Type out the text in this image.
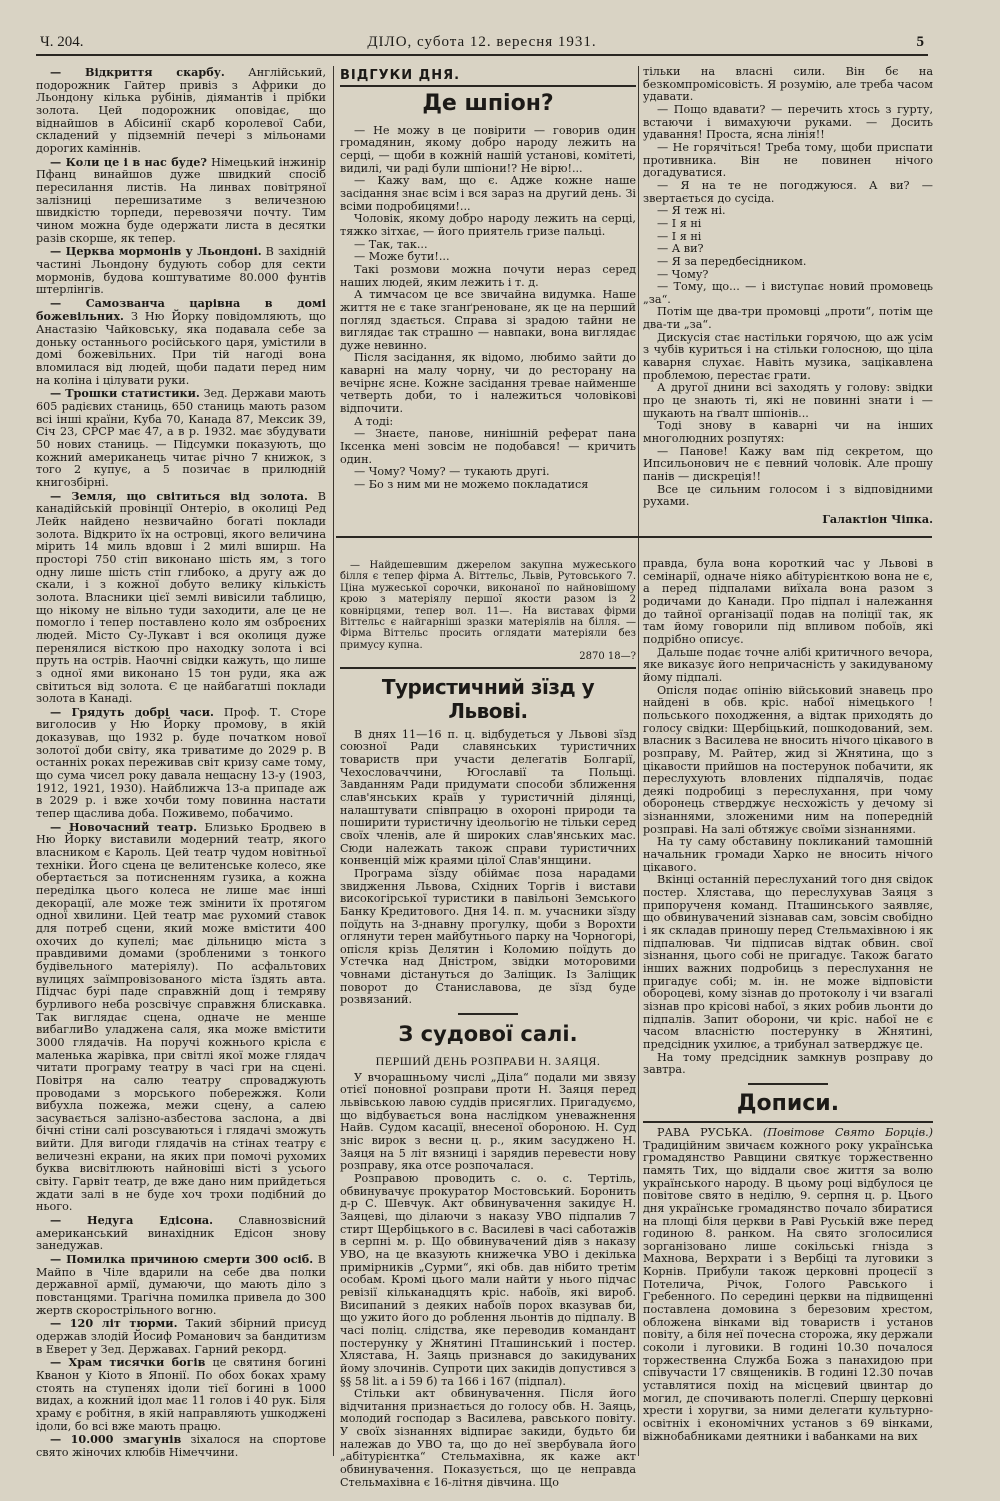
Ч. 204.	ДІЛО, субота 12. вересня 1931.	5

— Відкриття скарбу. Англійський, подорожник Гайтер привіз з Африки до Льондону кількa рубінів, діямантів і прібки золота. Цей подорожник оповідає, що віднайшов в Абісинії скарб королевої Саби, складений у підземній печері з мільонами дорогих каміннів.

— Коли це і в нас буде? Німецький інжинір Пфанц винайшов дуже швидкий спосіб пересилання листів. На линвах повітряної залізниці перешизатиме з величезною швидкістю торпеди, перевозячи почту. Тим чином можна буде одержати листа в десятки разів скорше, як тепер.

— Церква мормонів у Льондоні. В західній частині Льондону будують собор для секти мормонів, будова коштуватиме 80.000 фунтів штерлінгів.

— Самозванча царівна в домі божевільних. З Ню Йорку повідомляють, що Анастазію Чайковську, яка подавала себе за доньку останнього російського царя, умістили в домі божевільних. При тій нагоді вона вломилася від людей, щоби падати перед ним на коліна і цілувати руки.

— Трошки статистики. Зед. Держави мають 605 радієвих станиць, 650 станиць мають разом всі інші країни, Куба 70, Канада 87, Мексик 39, Січ 23, СРСР має 47, а в р. 1932. має збудувати 50 нових станиць. — Підсумки показують, що кожний американець читає річно 7 книжок, з того 2 купує, а 5 позичає в прилюдній книгозбірні.

— Земля, що світиться від золота. В канадійській провінції Онтеріо, в околиці Ред Лейк найдено незвичайно богаті поклади золота. Відкрито їх на островці, якого величина мірить 14 миль вдовш і 2 милі вширш. На просторі 750 стіп виконано шість ям, з того одну лише шість стіп глибоко, а другу аж до скали, і з кожної добуто велику кількість золота. Власники цієї землі вивісили таблицю, що нікому не вільно туди заходити, але це не помогло і тепер поставлено коло ям озброєних людей. Місто Су-Лукавт і вся околиця дуже перенялися вісткою про находку золота і всі пруть на острів. Наочні свідки кажуть, що лише з одної ями виконано 15 тон руди, яка аж світиться від золота. Є це найбагатші поклади золота в Канаді.

— Грядуть добрі часи. Проф. Т. Сторе виголосив у Ню Йорку промову, в якій доказував, що 1932 р. буде початком нової золотої доби світу, яка триватиме до 2029 р. В останніх роках переживав світ кризу саме тому, що сума чисел року давала нещасну 13-у (1903, 1912, 1921, 1930). Найближча 13-а припаде аж в 2029 р. і вже хочби тому повинна настати тепер щаслива доба. Поживемо, побачимо.

— Новочасний театр. Близько Бродвею в Ню Йорку виставили модерний театр, якого власником є Кароль. Цей театр чудом новітньої техніки. Його сцена це велитенське колесо, яке обертається за потисненням гузика, а кожна переділка цього колеса не лише має інші декорації, але може теж змінити їх протягом одної хвилини. Цей театр має рухомий ставок для потреб сцени, який може вмістити 400 охочих до купелі; має дільницю міста з правдивими домами (зробленими з тонкого будівельного матеріялу). По асфальтових вулицях заїмпровізованого міста їздять авта. Підчас бурі паде справжній дощ і темряву бурливого неба розсвічує справжня блискавка. Так виглядає сцена, одначе не менше вибаглиBo уладжена саля, яка може вмістити 3000 глядачів. На поручі кожнього крісла є маленька жарівка, при світлі якої може глядач читати програму театру в часі гри на сцені. Повітря на салю театру спроваджують проводами з морського побережжя. Коли вибухла пожежа, межи сцену, а салею засувається залізно-азбестова заслона, а дві бічні стіни салі розсуваються і глядачі зможуть вийти. Для вигоди глядачів на стінах театру є величезні екрани, на яких при помочі рухомих буква висвітлюють найновіші вісті з усього світу. Гарвіт театр, де вже дано ним прийдеться ждати залі в не буде хоч трохи подібний до нього.

— Недуга Едісона. Славнозвісний американський винахідник Едісон знову занедужав.

— Помилка причиною смерти 300 осіб. В Майпо в Чіле вдарили на себе два полки державної армії, думаючи, що мають діло з повстанцями. Трагічна помилка привела до 300 жертв скорострільного вогню.

— 120 літ тюрми. Такий збірний присуд одержав злодій Йосиф Романович за бандитизм в Еверет у Зед. Державах. Гарний рекорд.

— Храм тисячки богів це святиня богині Кванон у Кіото в Японії. По обох боках храму стоять на ступенях ідоли тієї богині в 1000 видах, а кожний ідол має 11 голов і 40 рук. Біля храму є робітня, в якій направляють ушкоджені ідоли, бо всі вже мають працю.

— 10.000 змагунів зіхалося на спортове свято жіночих клюбів Німеччини.

ВІДГУКИ ДНЯ.
Де шпіон?

— Не можу в це повірити — говорив один громадянин, якому добро народу лежить на серці, — щоби в кожній нашій установі, комітеті, видилі, чи раді були шпіони!? Не вірю!...

— Кажу вам, що є. Адже кожне наше засідання знає всім і вся зараз на другий день. Зі всіми подробицями!...

Чоловік, якому добро народу лежить на серці, тяжко зітхає, — його приятель гризе пальці.

— Так, так...

— Може бути!...

Такі розмови можна почути нераз серед наших людей, яким лежить і т. д.

А тимчасом це все звичайна видумка. Наше життя не є таке зганґреноване, як це на перший погляд здається. Справа зі зрадою тайни не виглядає так страшно — навпаки, вона виглядає дуже невинно.

Після засідання, як відомо, любимо зайти до каварні на малу чорну, чи до ресторану на вечірнє ясне. Кожне засідання тревае найменше четверть доби, то і належиться чоловікові відпочити.

А тоді:

— Знаєте, панове, нинішній реферат пана Іксенка мені зовсім не подобався! — кричить один.

— Чому? Чому? — тукають другі.

— Бо з ним ми не можемо покладатися

тільки на власні сили. Він бє на безкомпромісовість. Я розумію, але треба часом удавати.

— Пощо вдавати? — перечить хтось з гурту, встаючи і вимахуючи руками. — Досить удавання! Проста, ясна лінія!!

— Не горячіться! Треба тому, щоби приспати противника. Він не повинен нічого догадуватися.

— Я на те не погоджуюся. А ви? — звертається до сусіда.

— Я теж ні.

— І я ні

— І я ні

— А ви?

— Я за передбесідником.

— Чому?

— Тому, що... — і виступає новий промовець „за“.

Потім ще два-три промовці „проти“, потім ще два-ти „за“.

Дискусія стає настільки горячою, що аж усім з чубів куриться і на стільки голосною, що ціла каварня слухає. Навіть музика, зацікавлена проблемою, перестає грати.

А другої днини всі заходять у голову: звідки про це знають ті, які не повинні знати і — шукають на ґвалт шпіонів...

Тоді знову в каварні чи на інших многолюдних розпутях:

— Панове! Кажу вам під секретом, що Ипсильонович не є певний чоловік. Але прошу панів — дискреція!!

Все це сильним голосом і з відповідними рухами.

Галактіон Чіпка.

— Найдешевшим джерелом закупна мужеського білля є тепер фірма А. Віттельс, Львів, Рутовського 7. Ціна мужеської сорочки, виконаної по найновішому крою з матеріялу першої якости разом із 2 ковнірцями, тепер вол. 11—. На виставах фірми Віттельс є найгарніші зразки матеріялів на білля. — Фірма Віттельс просить оглядати матеріяли без примусу купна.

2870 18—?

Туристичний зїзд у Львові.

В днях 11—16 п. ц. відбудеться у Львові зїзд союзної Ради слaвянських туристичних товариств при участи делегатів Болгарії, Чехословаччини, Югославії та Польщі. Завданням Ради придумати способи зближення слав'янських країв у туристичній ділянці, налаштувати співпрацю в охороні природи та поширити туристичну ідеольогію не тільки серед своїх членів, але й широких слав'янських мас. Сюди належать також справи туристичних конвенцій між краями цілої Слав'янщини.

Програма зїзду обіймає поза нарадами звидження Львова, Східних Торгів і вистави високогірської туристики в павільоні Земського Банку Кредитового. Дня 14. п. м. учасники зїзду поїдуть на 3-днавну прогулку, щоби з Ворохти оглянути терен майбутнього парку на Чорногорі, опісля крізь Делятин і Коломию поїдуть до Устечка над Дністром, звідки моторовими човнами дістануться до Заліщик. Із Заліщик поворот до Станиславова, де зїзд буде розвязаний.

З судової салі.
ПЕРШИЙ ДЕНЬ РОЗПРАВИ Н. ЗАЯЦЯ.

У вчорашньому числі „Діла“ подали ми звязу отієї поновної розправи проти Н. Заяця перед львівською лавою суддів присяглих. Пригадуємо, що відбувається вона наслідком уневажнення Найв. Судом касації, внесеної обороною. Н. Суд зніс вирок з весни ц. р., яким засуджено Н. Заяця на 5 літ вязниці і зарядив перевести нову розправу, яка отсе розпочалася.

Розправою проводить с. о. с. Тертіль, обвинувачує прокуратор Мостовський. Боронить д-р С. Шевчук. Акт обвинувачення закидує Н. Заяцеві, що ділаючи з наказу УВО підпалив 7 стирт Щербіцького в с. Василеві в часі саботажів в серпні м. р. Що обвинувачений діяв з наказу УВО, на це вказують книжечка УВО і декілька примірників „Сурми“, які обв. дав нібито третім особам. Кромі цього мали найти у нього підчас ревізії кільканадцять кріс. набоїв, які вироб. Висипаний з деяких набоїв порох вказував би, що ужито його до роблення льонтів до підпалу. В часі поліц. слідства, яке переводив командант постерунку у Жнятині Пташинський і постер. Хлястава, Н. Заяць признався до закидуваних йому злочинів. Супроти цих закидів допустився з §§ 58 lit. a і 59 б) та 166 і 167 (підпал).

Стільки акт обвинувачення. Після його відчитання признається до голосу обв. Н. Заяць, молодий господар з Василева, равського повіту. У своїх зізнаннях відпирає закиди, будьто би належав до УВО та, що до неї звербувала його „абітурієнтка“ Стельмахівна, як каже акт обвинувачення. Показується, що це неправда Стельмахівна є 16-літня дівчина. Що

правда, була вона короткий час у Львові в семінарії, одначе ніяко абітурієнткою вона не є, а перед підпалами виїхала вона разом з родичами до Канади. Про підпал і належання до тайної організації подав на поліції так, як там йому говорили під впливом побоїв, які подрібно описує.

Дальше подає точне алібі критичного вечора, яке виказує його непричасність у закидуваному йому підпалі.

Опісля подає опінію військовий знавець про найдені в обв. кріс. набої німецького ! польського походження, а відтак приходять до голосу свідки: Щербіцький, пошкодований, зем. власник з Василева не вносить нічого цікавого в розправу, М. Райтер, жид зі Жнятина, що з цікавости прийшов на постерунок побачити, як переслухують вловлених підпалячів, подає деякі подробиці з переслухання, при чому оборонець стверджує несхожість у дечому зі зізнаннями, зложеними ним на попередній розправі. На залі обтяжує своїми зізнаннями.

На ту саму обставину покликаний тамошній начальник громади Харко не вносить нічого цікавого.

Вкінці останній переслуханий того дня свідок постер. Хлястава, що переслухував Заяця з припорученя команд. Пташинського заявляє, що обвинувачений зізнавав сам, зовсім свобідно і як складав приношу перед Стельмахівною і як підпалював. Чи підписав відтак обвин. свої зізнання, цього собі не пригадує. Також багато інших важних подробиць з переслухання не пригадує собі; м. ін. не може відповісти обороцеві, кому зізнав до протоколу і чи взагалі зізнав про крісові набої, з яких робив льонти до підпалів. Запит оборони, чи кріс. набої не є часом власністю постерунку в Жнятині, предсідник ухилює, а трибунал затверджує це.

На тому предсідник замкнув розправу до завтра.

Дописи.

РАВА РУСЬКА. (Повітове Свято Борців.) Традиційним звичаєм кожного року українська громадянство Равщини святкує торжественно память Тих, що віддали своє життя за волю українського народу. В цьому році відбулося це повітове свято в неділю, 9. серпня ц. р. Цього дня українське громадянство почало збиратися на площі біля церкви в Раві Руській вже перед годиною 8. ранком. На свято зголосилися зорганізовано лише сокільські гнізда з Махнова, Верхрати і з Вербіці та луговики з Корнів. Прибули також церковні процесії з Потелича, Річок, Голого Равського і Гребенного. По середині церкви на підвищенні поставлена домовина з березовим хрестом, обложена вінками від товариств і установ повіту, а біля неї почесна сторожа, яку держали соколи і луговики. В годині 10.30 почалося торжественна Служба Божа з панахидою при співучасти 17 священиків. В годині 12.30 почав уставлятися похід на місцевий цвинтар до могил, де спочивають полеглі. Спершу церковні хрести і хоругви, за ними делегати культурно-освітніх і економічних установ з 69 вінками, віжнобабниками деятники і вабанками на вих
